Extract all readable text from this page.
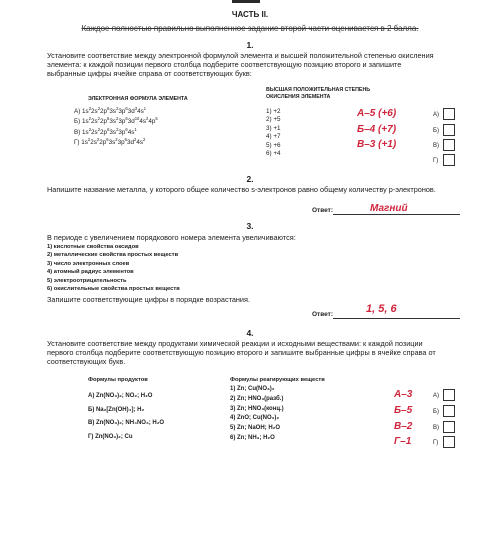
ЧАСТЬ II.
Каждое полностью правильно выполненное задание второй части оценивается в 2 балла.
1.
Установите соответствие между электронной формулой элемента и высшей положительной степенью окисления элемента: к каждой позиции первого столбца подберите соответствующую позицию второго и запишите выбранные цифры ячейке справа от соответствующих букв:
ЭЛЕКТРОННАЯ ФОРМУЛА ЭЛЕМЕНТА
ВЫСШАЯ ПОЛОЖИТЕЛЬНАЯ СТЕПЕНЬ ОКИСЛЕНИЯ ЭЛЕМЕНТА
А) $1s^22s^22p^63s^23p^63d^34s^1$
Б) $1s^22s^22p^63s^23p^63d^{10}4s^24p^5$
В) $1s^22s^22p^63s^23p^64s^1$
Г) $1s^22s^22p^63s^23p^63d^24s^2$
1) +2
2) +5
3) +1
4) +7
5) +6
6) +4
А–5 (+6)
Б–4 (+7)
В–3 (+1)
А)
Б)
В)
Г)
2.
Напишите название металла, у которого общее количество s-электронов равно общему количеству p-электронов.
Ответ:	Магний
3.
В периоде с увеличением порядкового номера элемента увеличиваются:
1) кислотные свойства оксидов
2) металлические свойства простых веществ
3) число электронных слоев
4) атомный радиус элементов
5) электроотрицательность
6) окислительные свойства простых веществ
Запишите соответствующие цифры в порядке возрастания.
Ответ:	1, 5, 6
4.
Установите соответствие между продуктами химической реакции и исходными веществами: к каждой позиции первого столбца подберите соответствующую позицию второго и запишите выбранные цифры в ячейке справа от соответствующих букв.
Формулы продуктов	Формулы реагирующих веществ
А) Zn(NO₃)₂; NO₂; H₂O
Б) Na₂[Zn(OH)₄]; H₂
В) Zn(NO₃)₂; NH₄NO₃; H₂O
Г) Zn(NO₃)₂; Cu
1) Zn; Cu(NO₃)₂
2) Zn; HNO₃(разб.)
3) Zn; HNO₃(конц.)
4) ZnO; Cu(NO₃)₂
5) Zn; NaOH; H₂O
6) Zn; NH₃; H₂O
А–3
Б–5
В–2
Г–1
А)
Б)
В)
Г)
